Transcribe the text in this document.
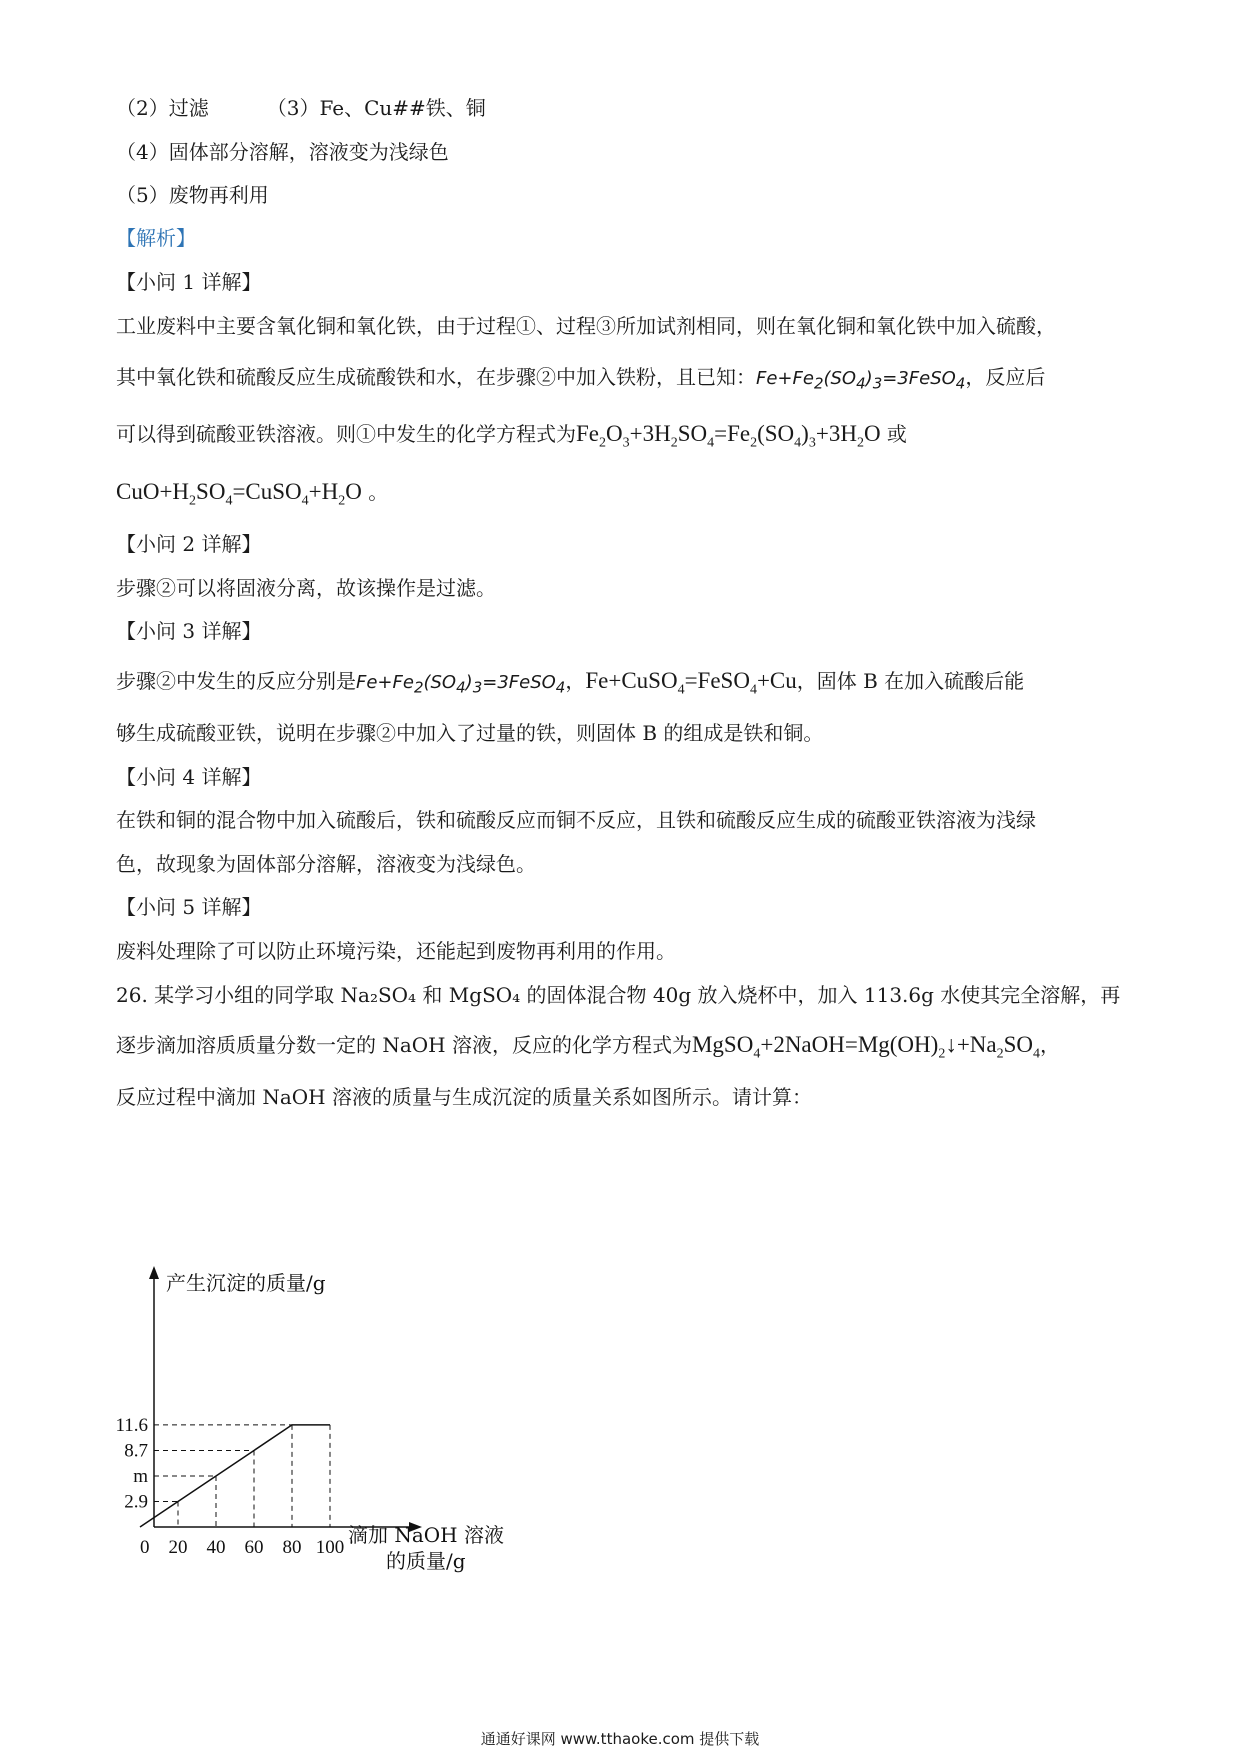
（2）过滤	（3）Fe、Cu##铁、铜
（4）固体部分溶解，溶液变为浅绿色
（5）废物再利用
【解析】
【小问 1 详解】
工业废料中主要含氧化铜和氧化铁，由于过程①、过程③所加试剂相同，则在氧化铜和氧化铁中加入硫酸，
其中氧化铁和硫酸反应生成硫酸铁和水，在步骤②中加入铁粉，且已知：$Fe+Fe_2(SO_4)_3=3FeSO_4$，反应后
可以得到硫酸亚铁溶液。则①中发生的化学方程式为$Fe_2O_3+3H_2SO_4=Fe_2(SO_4)_3+3H_2O$ 或
$CuO+H_2SO_4=CuSO_4+H_2O$ 。
【小问 2 详解】
步骤②可以将固液分离，故该操作是过滤。
【小问 3 详解】
步骤②中发生的反应分别是$Fe+Fe_2(SO_4)_3=3FeSO_4$，Fe+CuSO$_4$=FeSO$_4$+Cu，固体 B 在加入硫酸后能
够生成硫酸亚铁，说明在步骤②中加入了过量的铁，则固体 B 的组成是铁和铜。
【小问 4 详解】
在铁和铜的混合物中加入硫酸后，铁和硫酸反应而铜不反应，且铁和硫酸反应生成的硫酸亚铁溶液为浅绿
色，故现象为固体部分溶解，溶液变为浅绿色。
【小问 5 详解】
废料处理除了可以防止环境污染，还能起到废物再利用的作用。
26. 某学习小组的同学取 Na₂SO₄ 和 MgSO₄ 的固体混合物 40g 放入烧杯中，加入 113.6g 水使其完全溶解，再
逐步滴加溶质质量分数一定的 NaOH 溶液，反应的化学方程式为$MgSO_4+2NaOH=Mg(OH)_2↓+Na_2SO_4$，
反应过程中滴加 NaOH 溶液的质量与生成沉淀的质量关系如图所示。请计算：
0 20 40 60 80 100
2.9
m
8.7
11.6
产生沉淀的质量/g
滴加 NaOH 溶液
的质量/g
通通好课网 www.tthaoke.com 提供下载
